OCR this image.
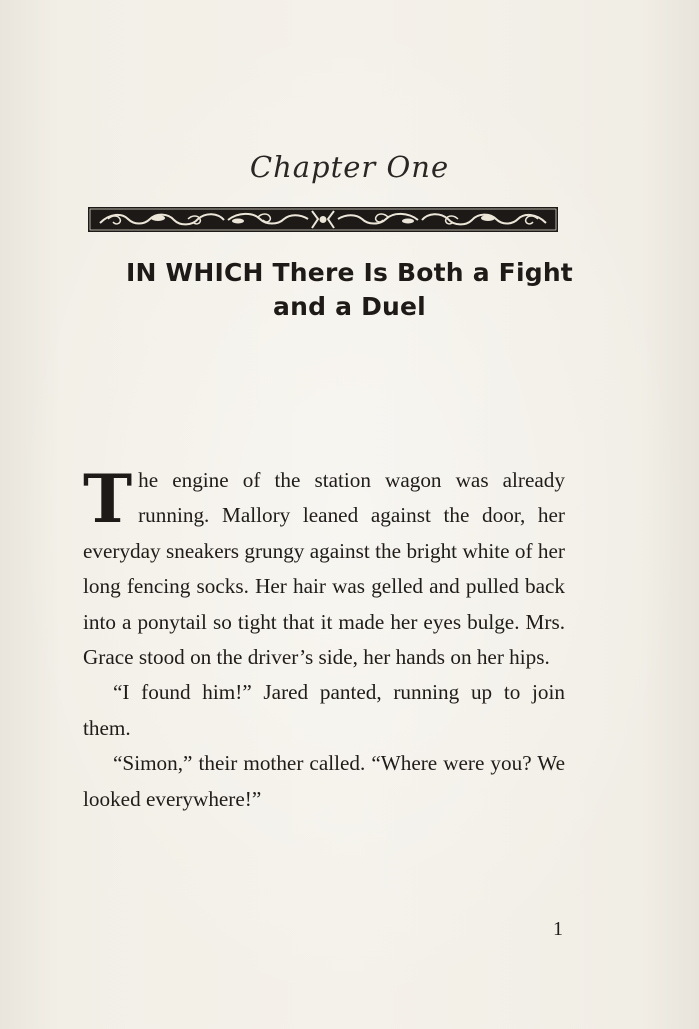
Chapter One
IN WHICH There Is Both a Fight
and a Duel

The engine of the station wagon was already running. Mallory leaned against the door, her everyday sneakers grungy against the bright white of her long fencing socks. Her hair was gelled and pulled back into a ponytail so tight that it made her eyes bulge. Mrs. Grace stood on the driver’s side, her hands on her hips.

“I found him!” Jared panted, running up to join them.

“Simon,” their mother called. “Where were you? We looked everywhere!”

1
